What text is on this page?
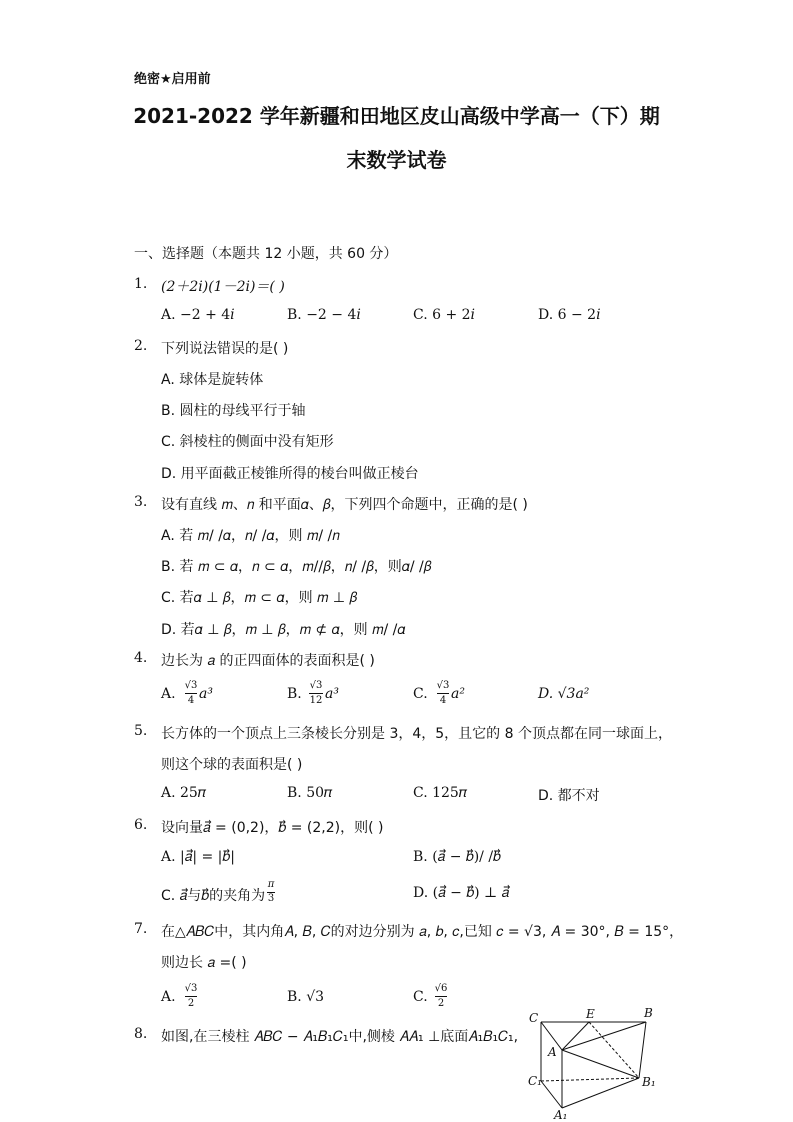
绝密★启用前
2021-2022 学年新疆和田地区皮山高级中学高一（下）期
末数学试卷
一、选择题（本题共 12 小题，共 60 分）
1. (2＋2𝑖)(1－2𝑖)＝( )
A. −2 + 4𝑖	B. −2 − 4𝑖	C. 6 + 2𝑖	D. 6 − 2𝑖
2. 下列说法错误的是( )
A. 球体是旋转体
B. 圆柱的母线平行于轴
C. 斜棱柱的侧面中没有矩形
D. 用平面截正棱锥所得的棱台叫做正棱台
3. 设有直线 𝑚、𝑛 和平面𝛼、𝛽，下列四个命题中，正确的是( )
A. 若 𝑚/ /𝛼，𝑛/ /𝛼，则 𝑚/ /𝑛
B. 若 𝑚 ⊂ 𝛼，𝑛 ⊂ 𝛼，𝑚//𝛽，𝑛/ /𝛽，则𝛼/ /𝛽
C. 若𝛼 ⊥ 𝛽，𝑚 ⊂ 𝛼，则 𝑚 ⊥ 𝛽
D. 若𝛼 ⊥ 𝛽，𝑚 ⊥ 𝛽，𝑚 ⊄ 𝛼，则 𝑚/ /𝛼
4. 边长为 𝑎 的正四面体的表面积是( )
A.
√3
4 𝑎³	B.
√3
12 𝑎³	C.
√3
4 𝑎²	D. √3𝑎²
5. 长方体的一个顶点上三条棱长分别是 3，4，5，且它的 8 个顶点都在同一球面上，
则这个球的表面积是( )
A. 25𝜋	B. 50𝜋	C. 125𝜋	D. 都不对
6. 设向量𝑎⃗ = (0,2)，𝑏⃗ = (2,2)，则( )
A. |𝑎⃗| = |𝑏⃗|	B. (𝑎⃗ − 𝑏⃗)/ /𝑏⃗
C. 𝑎⃗与𝑏⃗的夹角为
𝜋
3	D. (𝑎⃗ − 𝑏⃗) ⊥ 𝑎⃗
7. 在△𝐴𝐵𝐶中，其内角𝐴, 𝐵, 𝐶的对边分别为 𝑎, 𝑏, 𝑐,已知 𝑐 = √3, 𝐴 = 30°, 𝐵 = 15°，
则边长 𝑎 =( )
A.
√3
2	B. √3	C.
√6
2
8. 如图,在三棱柱 𝐴𝐵𝐶 − 𝐴₁𝐵₁𝐶₁中,侧棱 𝐴𝐴₁ ⊥底面𝐴₁𝐵₁𝐶₁,
C	E	B
A
C₁	B₁
A₁
